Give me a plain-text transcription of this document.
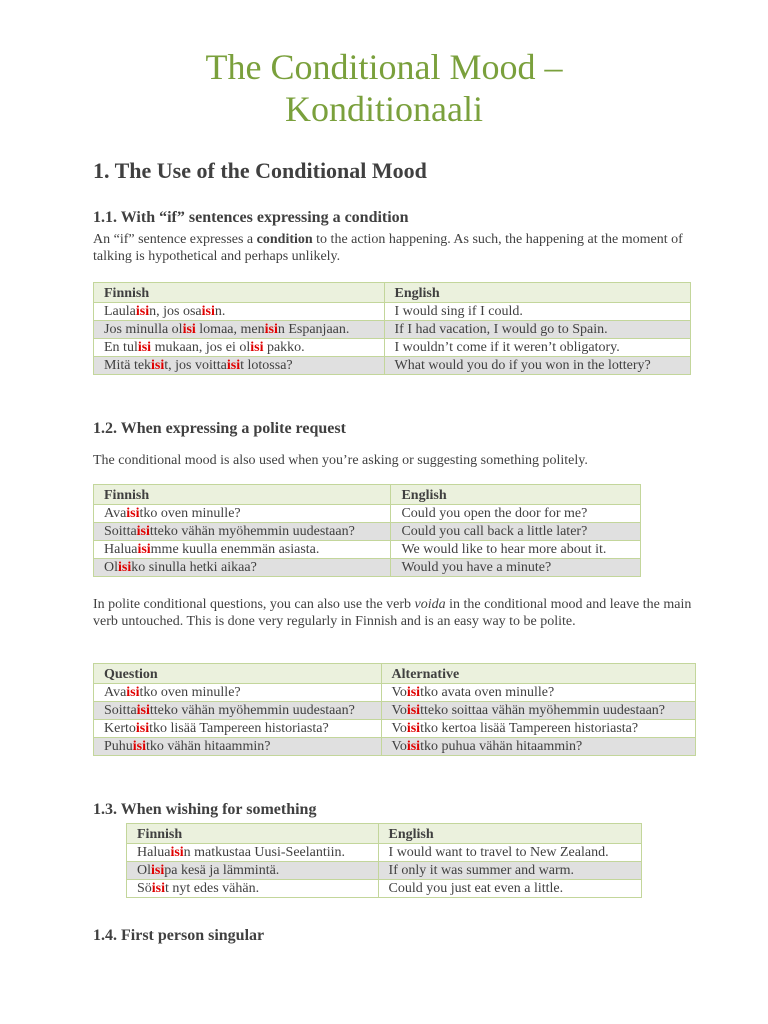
The Conditional Mood –
Konditionaali
1. The Use of the Conditional Mood
1.1. With “if” sentences expressing a condition

An “if” sentence expresses a condition to the action happening. As such, the happening at the moment of talking is hypothetical and perhaps unlikely.

Finnish	English
Laulaisin, jos osaisin.	I would sing if I could.
Jos minulla olisi lomaa, menisin Espanjaan.	If I had vacation, I would go to Spain.
En tulisi mukaan, jos ei olisi pakko.	I wouldn’t come if it weren’t obligatory.
Mitä tekisit, jos voittaisit lotossa?	What would you do if you won in the lottery?
1.2. When expressing a polite request

The conditional mood is also used when you’re asking or suggesting something politely.

Finnish	English
Avaisitko oven minulle?	Could you open the door for me?
Soittaisitteko vähän myöhemmin uudestaan?	Could you call back a little later?
Haluaisimme kuulla enemmän asiasta.	We would like to hear more about it.
Olisiko sinulla hetki aikaa?	Would you have a minute?

In polite conditional questions, you can also use the verb voida in the conditional mood and leave the main verb untouched. This is done very regularly in Finnish and is an easy way to be polite.

Question	Alternative
Avaisitko oven minulle?	Voisitko avata oven minulle?
Soittaisitteko vähän myöhemmin uudestaan?	Voisitteko soittaa vähän myöhemmin uudestaan?
Kertoisitko lisää Tampereen historiasta?	Voisitko kertoa lisää Tampereen historiasta?
Puhuisitko vähän hitaammin?	Voisitko puhua vähän hitaammin?
1.3. When wishing for something
Finnish	English
Haluaisin matkustaa Uusi-Seelantiin.	I would want to travel to New Zealand.
Olisipa kesä ja lämmintä.	If only it was summer and warm.
Söisit nyt edes vähän.	Could you just eat even a little.
1.4. First person singular
